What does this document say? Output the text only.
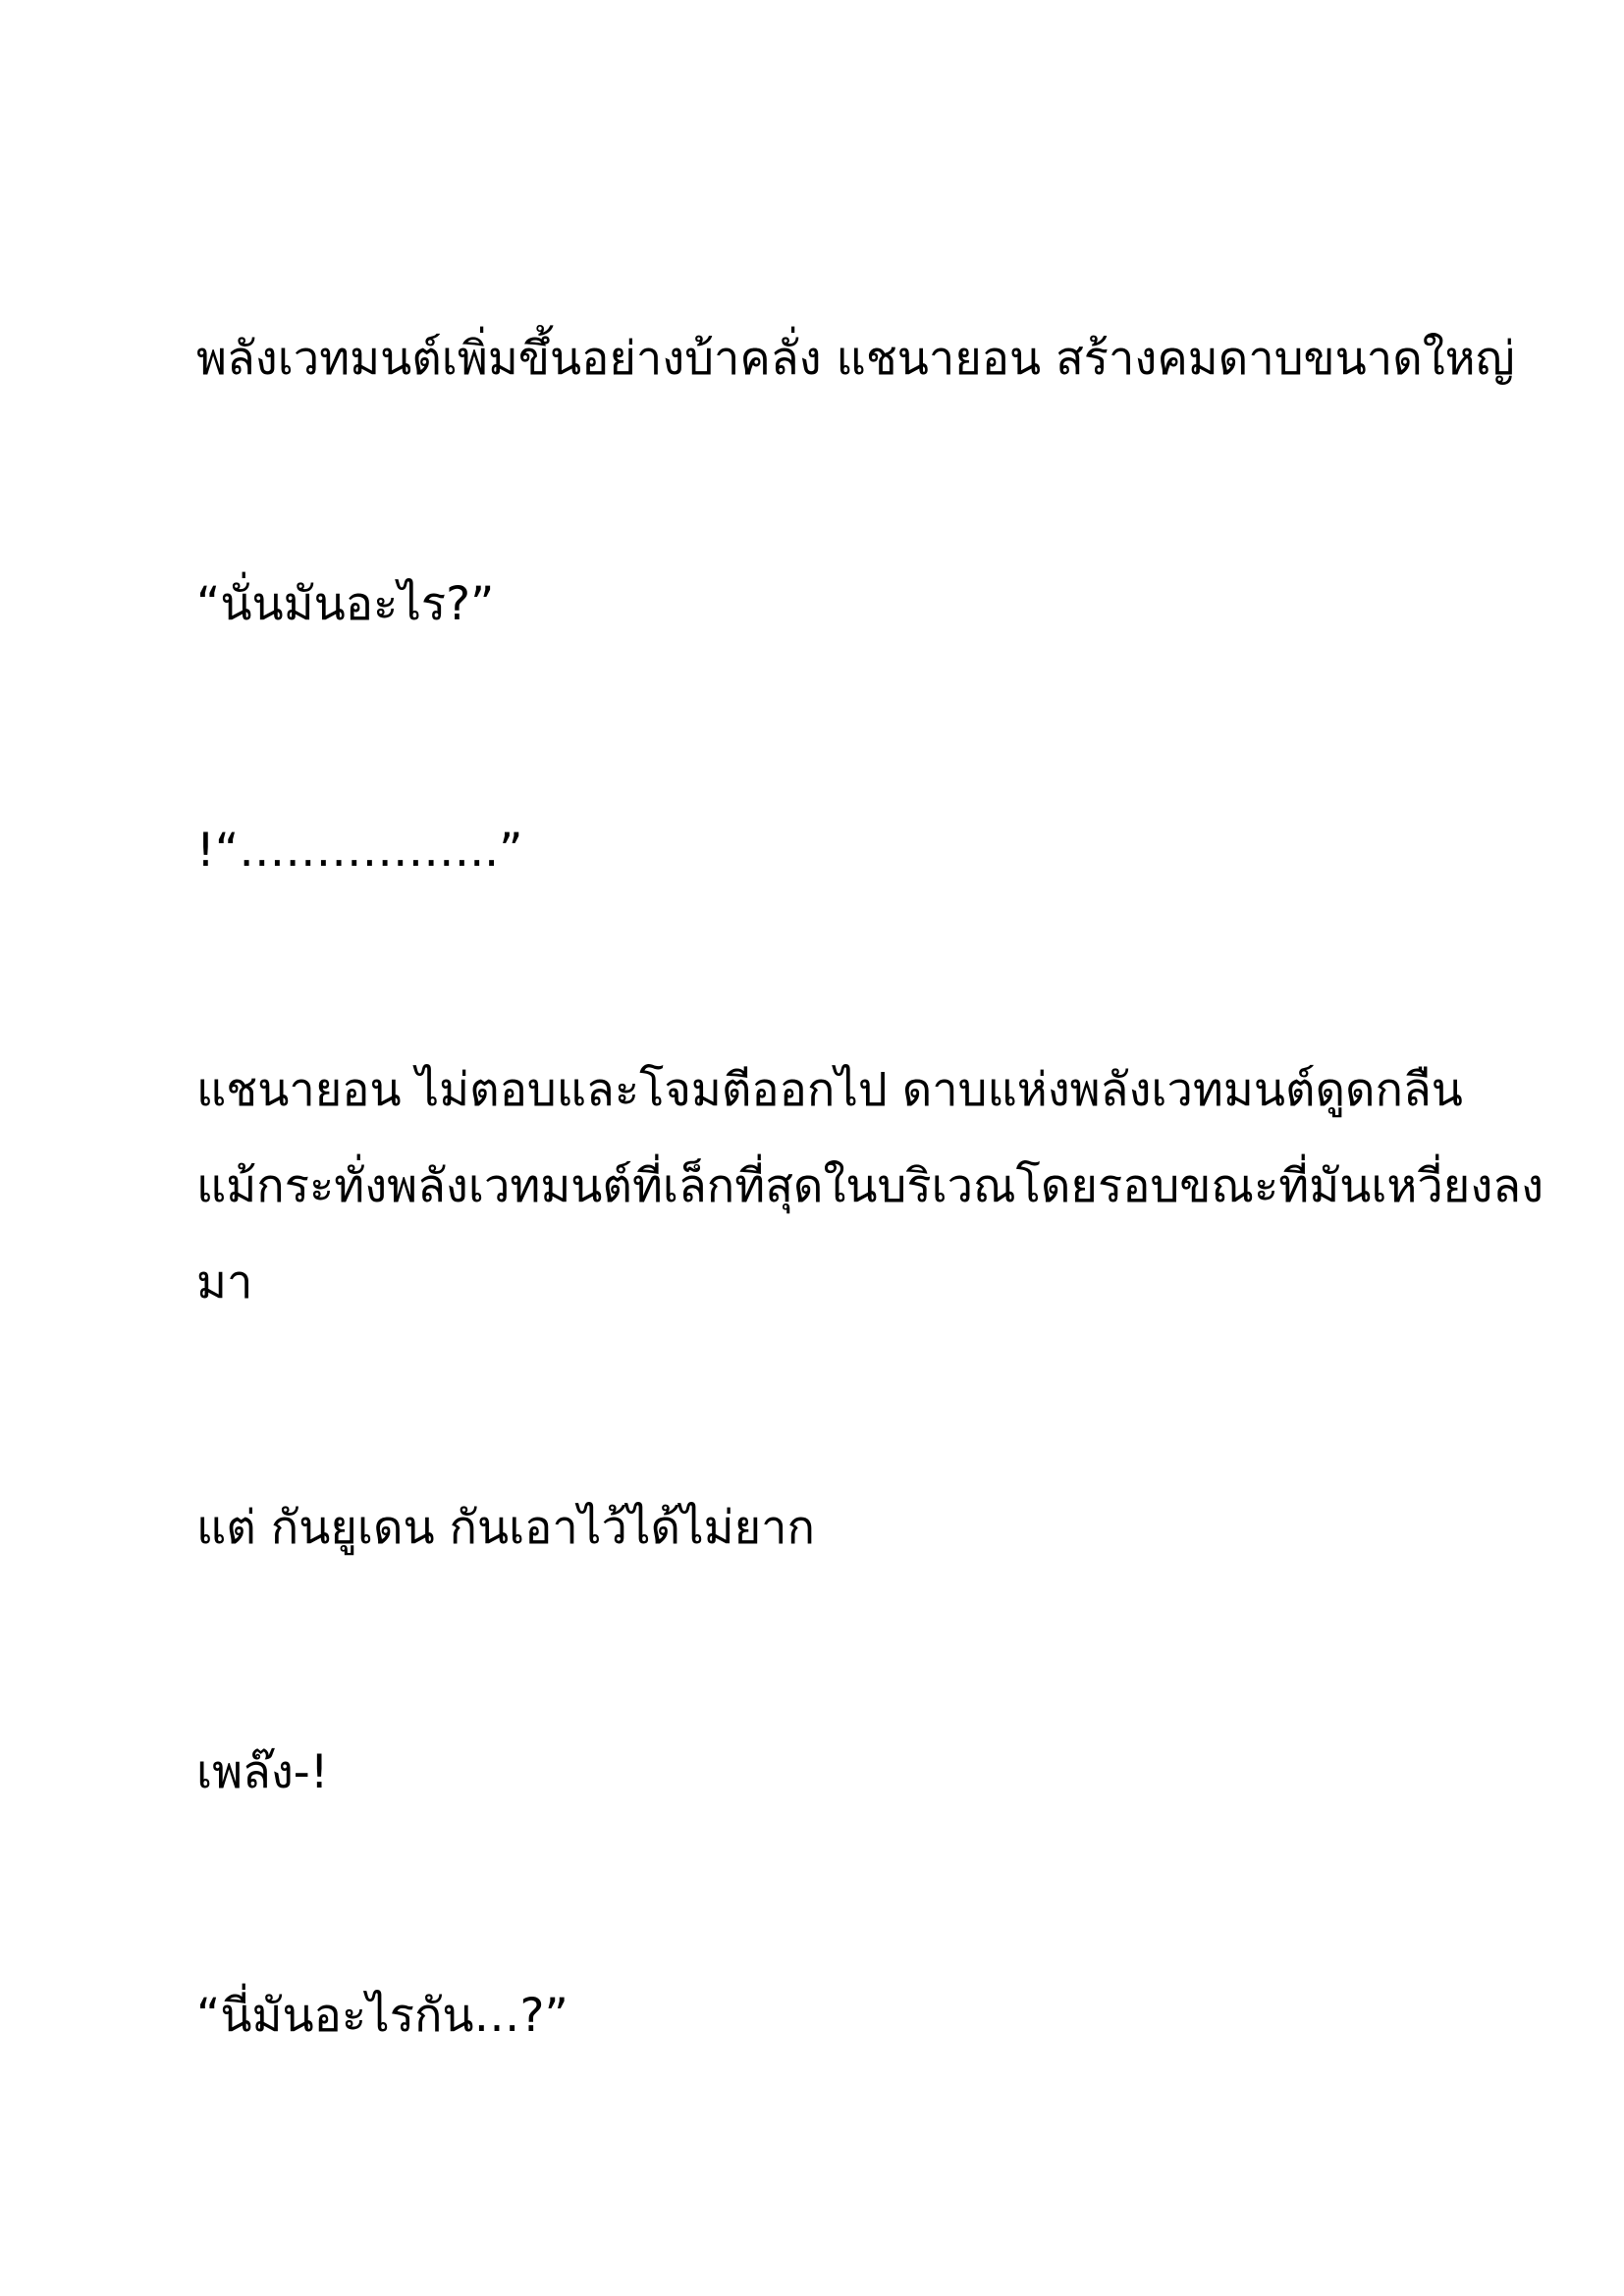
พลังเวทมนต์เพิ่มขึ้นอย่างบ้าคลั่ง แชนายอน สร้างคมดาบขนาดใหญ่

“นั่นมันอะไร?”

!“……………..”

แชนายอน ไม่ตอบและโจมตีออกไป ดาบแห่งพลังเวทมนต์ดูดกลืน
แม้กระทั่งพลังเวทมนต์ที่เล็กที่สุดในบริเวณโดยรอบขณะที่มันเหวี่ยงลง
มา

แต่ กันยูเดน กันเอาไว้ได้ไม่ยาก

เพล๊ง-!

“นี่มันอะไรกัน…?”
